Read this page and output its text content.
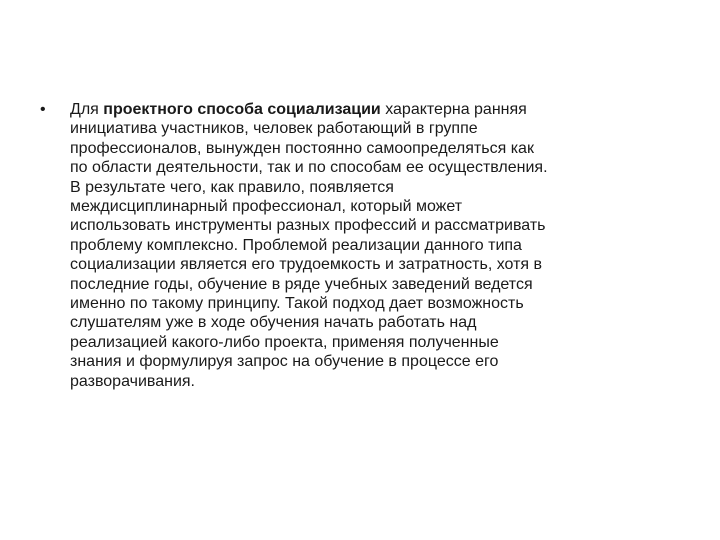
•	Для проектного способа социализации характерна ранняя
инициатива участников, человек работающий в группе
профессионалов, вынужден постоянно самоопределяться как
по области деятельности, так и по способам ее осуществления.
В результате чего, как правило, появляется
междисциплинарный профессионал, который может
использовать инструменты разных профессий и рассматривать
проблему комплексно. Проблемой реализации данного типа
социализации является его трудоемкость и затратность, хотя в
последние годы, обучение в ряде учебных заведений ведется
именно по такому принципу. Такой подход дает возможность
слушателям уже в ходе обучения начать работать над
реализацией какого-либо проекта, применяя полученные
знания и формулируя запрос на обучение в процессе его
разворачивания.
